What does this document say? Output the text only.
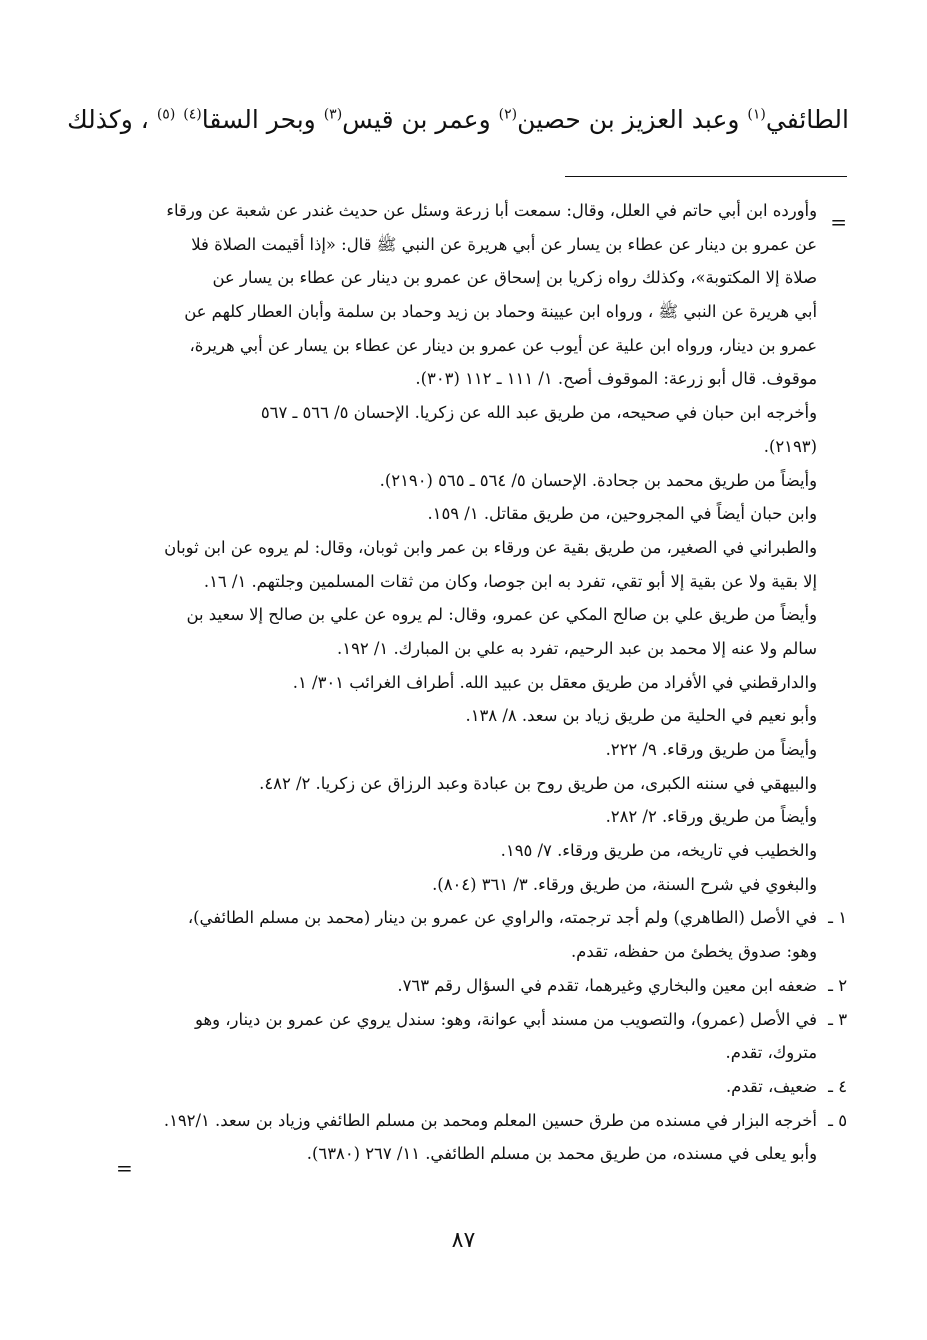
الطائفي$^{(١)}$ وعبد العزيز بن حصين$^{(٢)}$ وعمر بن قيس$^{(٣)}$ وبحر السقا$^{(٤)}$ $^{(٥)}$ ، وكذلك
=
وأورده ابن أبي حاتم في العلل، وقال: سمعت أبا زرعة وسئل عن حديث غندر عن شعبة عن ورقاء
عن عمرو بن دينار عن عطاء بن يسار عن أبي هريرة عن النبي ﷺ قال: «إذا أقيمت الصلاة فلا
صلاة إلا المكتوبة»، وكذلك رواه زكريا بن إسحاق عن عمرو بن دينار عن عطاء بن يسار عن
أبي هريرة عن النبي ﷺ ، ورواه ابن عيينة وحماد بن زيد وحماد بن سلمة وأبان العطار كلهم عن
عمرو بن دينار، ورواه ابن علية عن أيوب عن عمرو بن دينار عن عطاء بن يسار عن أبي هريرة،
موقوف. قال أبو زرعة: الموقوف أصح. ١/ ١١١ ـ ١١٢ (٣٠٣).
وأخرجه ابن حبان في صحيحه، من طريق عبد الله عن زكريا. الإحسان ٥/ ٥٦٦ ـ ٥٦٧
(٢١٩٣).
وأيضاً من طريق محمد بن جحادة. الإحسان ٥/ ٥٦٤ ـ ٥٦٥ (٢١٩٠).
وابن حبان أيضاً في المجروحين، من طريق مقاتل. ١/ ١٥٩.
والطبراني في الصغير، من طريق بقية عن ورقاء بن عمر وابن ثوبان، وقال: لم يروه عن ابن ثوبان
إلا بقية ولا عن بقية إلا أبو تقي، تفرد به ابن جوصا، وكان من ثقات المسلمين وجلتهم. ١/ ١٦.
وأيضاً من طريق علي بن صالح المكي عن عمرو، وقال: لم يروه عن علي بن صالح إلا سعيد بن
سالم ولا عنه إلا محمد بن عبد الرحيم، تفرد به علي بن المبارك. ١/ ١٩٢.
والدارقطني في الأفراد من طريق معقل بن عبيد الله. أطراف الغرائب ٣٠١/ ١.
وأبو نعيم في الحلية من طريق زياد بن سعد. ٨/ ١٣٨.
وأيضاً من طريق ورقاء. ٩/ ٢٢٢.
والبيهقي في سننه الكبرى، من طريق روح بن عبادة وعبد الرزاق عن زكريا. ٢/ ٤٨٢.
وأيضاً من طريق ورقاء. ٢/ ٢٨٢.
والخطيب في تاريخه، من طريق ورقاء. ٧/ ١٩٥.
والبغوي في شرح السنة، من طريق ورقاء. ٣/ ٣٦١ (٨٠٤).
١ ـ
في الأصل (الطاهري) ولم أجد ترجمته، والراوي عن عمرو بن دينار (محمد بن مسلم الطائفي)،
وهو: صدوق يخطئ من حفظه، تقدم.
٢ ـ
ضعفه ابن معين والبخاري وغيرهما، تقدم في السؤال رقم ٧٦٣.
٣ ـ
في الأصل (عمرو)، والتصويب من مسند أبي عوانة، وهو: سندل يروي عن عمرو بن دينار، وهو
متروك، تقدم.
٤ ـ
ضعيف، تقدم.
٥ ـ
أخرجه البزار في مسنده من طرق حسين المعلم ومحمد بن مسلم الطائفي وزياد بن سعد. ١٩٢/١.
وأبو يعلى في مسنده، من طريق محمد بن مسلم الطائفي. ١١/ ٢٦٧ (٦٣٨٠).
=
٨٧
